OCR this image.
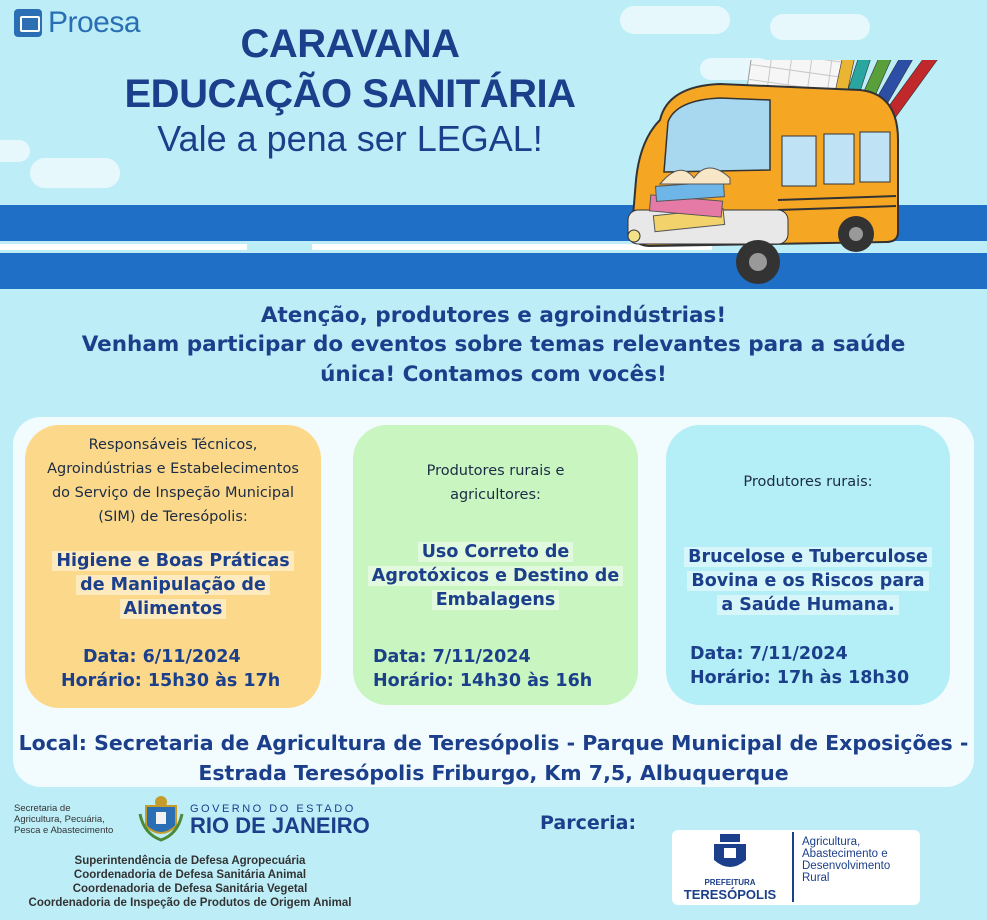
Proesa	CARAVANA
EDUCAÇÃO SANITÁRIA
Vale a pena ser LEGAL!
Atenção, produtores e agroindústrias!
Venham participar do eventos sobre temas relevantes para a saúde
única! Contamos com vocês!
Responsáveis Técnicos,
Agroindústrias e Estabelecimentos
do Serviço de Inspeção Municipal
(SIM) de Teresópolis:
Higiene e Boas Práticas
de Manipulação de
Alimentos
Data: 6/11/2024
Horário: 15h30 às 17h
Produtores rurais e
agricultores:
Uso Correto de
Agrotóxicos e Destino de
Embalagens
Data: 7/11/2024
Horário: 14h30 às 16h
Produtores rurais:
Brucelose e Tuberculose
Bovina e os Riscos para
a Saúde Humana.
Data: 7/11/2024
Horário: 17h às 18h30
Local: Secretaria de Agricultura de Teresópolis - Parque Municipal de Exposições -
Estrada Teresópolis Friburgo, Km 7,5, Albuquerque
Secretaria de
Agricultura, Pecuária,
Pesca e Abastecimento
GOVERNO DO ESTADO
RIO DE JANEIRO
Superintendência de Defesa Agropecuária
Coordenadoria de Defesa Sanitária Animal
Coordenadoria de Defesa Sanitária Vegetal
Coordenadoria de Inspeção de Produtos de Origem Animal
Parceria:
PREFEITURA
TERESÓPOLIS
Agricultura,
Abastecimento e
Desenvolvimento
Rural
